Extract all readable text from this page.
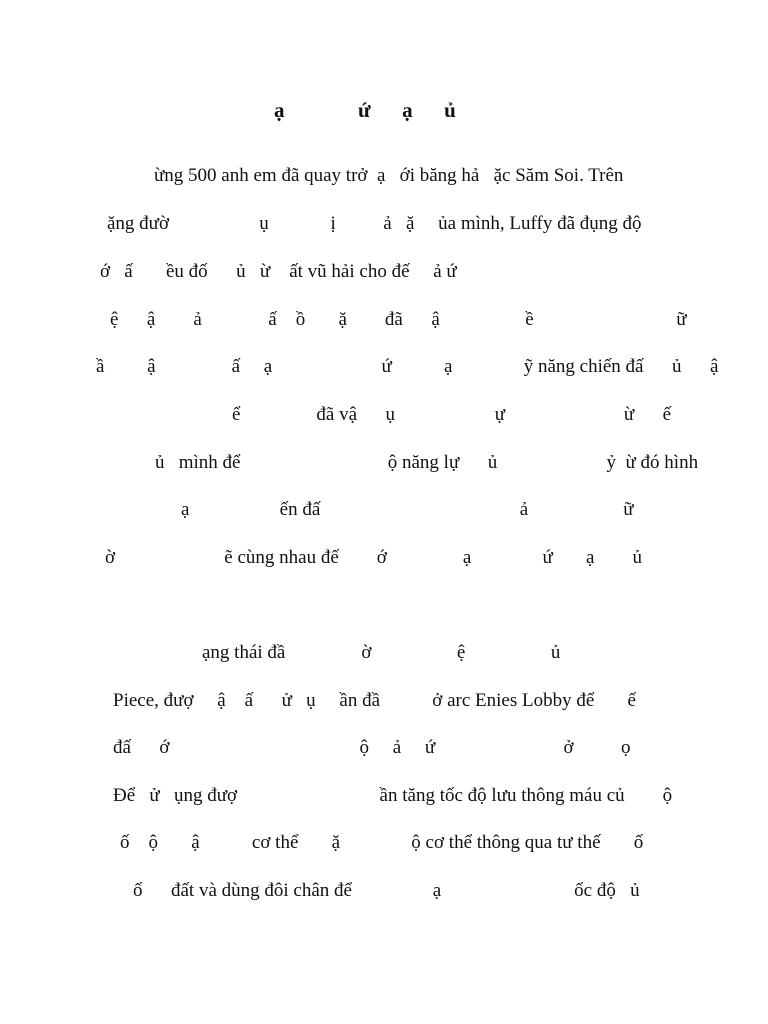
ạ              ứ      ạ      ủ
ừng 500 anh em đã quay trở  ạ   ới băng hả   ặc Săm Soi. Trên
ặng đườ                   ụ             ị          ả   ặ     ủa mình, Luffy đã đụng độ
ớ   ấ       ều đố      ủ   ừ    ất vũ hải cho đế     ả ứ
ệ      ậ        ả              ấ    ồ       ặ        đã      ậ                  ề                              ữ
ầ         ậ                ấ     ạ                       ứ           ạ               ỹ năng chiến đấ      ủ      ậ
ể                đã vậ      ụ                     ự                         ừ      ế
ủ   mình để                               ộ năng lự      ủ                       ỷ  ừ đó hình
ạ                   ến đấ                                          ả                    ữ
ờ                       ẽ cùng nhau đế        ớ                ạ               ứ       ạ        ủ
ạng thái đầ                ờ                  ệ                  ủ
Piece, đượ     ậ    ấ      ử   ụ     ần đầ           ở arc Enies Lobby để       ế
đấ      ớ                                        ộ     ả     ứ                           ở          ọ
Để   ử   ụng đượ                              ần tăng tốc độ lưu thông máu củ        ộ
ố    ộ       ậ           cơ thể       ặ               ộ cơ thể thông qua tư thế       ố
ố      đất và dùng đôi chân để                 ạ                            ốc độ   ủ
